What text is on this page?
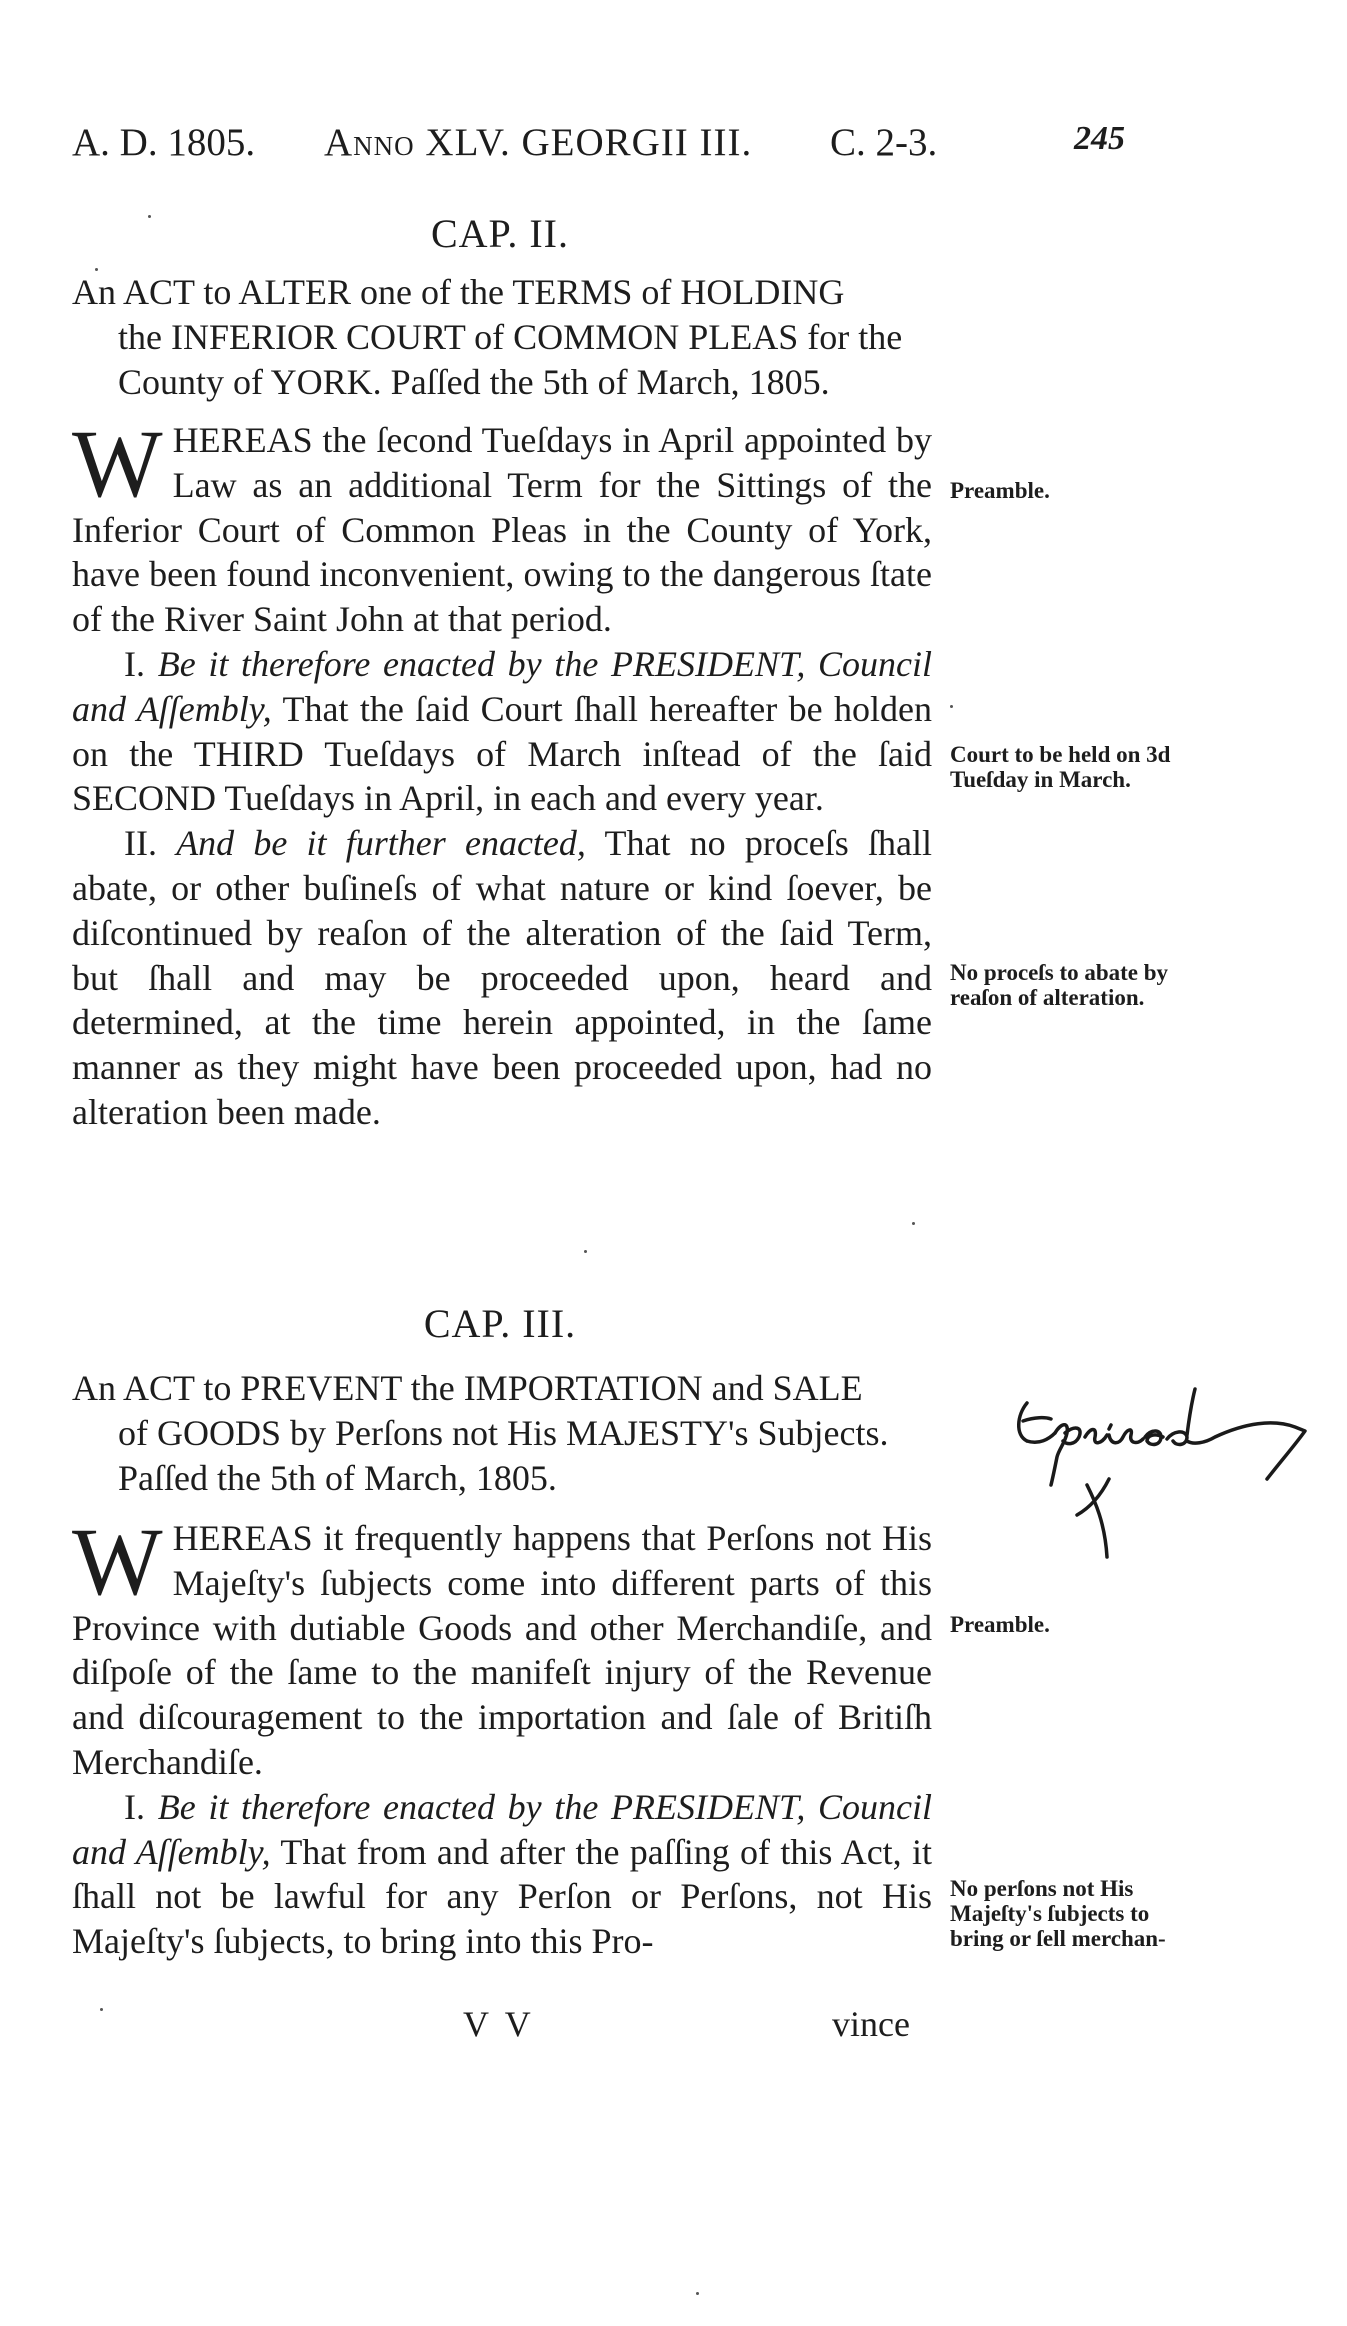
A. D. 1805. Anno XLV. GEORGII III. C. 2-3.	245
CAP. II.
An ACT to ALTER one of the TERMS of HOLDING
the INFERIOR COURT of COMMON PLEAS for the
County of YORK. Paſſed the 5th of March, 1805.

WHEREAS the ſecond Tueſdays in April appointed by Law as an additional Term for the Sittings of the Inferior Court of Common Pleas in the County of York, have been found inconvenient, owing to the dangerous ſtate of the River Saint John at that period.

I. Be it therefore enacted by the PRESIDENT, Council and Aſſembly, That the ſaid Court ſhall hereafter be holden on the THIRD Tueſdays of March inſtead of the ſaid SECOND Tueſdays in April, in each and every year.

II. And be it further enacted, That no proceſs ſhall abate, or other buſineſs of what nature or kind ſoever, be diſcontinued by reaſon of the alteration of the ſaid Term, but ſhall and may be proceeded upon, heard and determined, at the time herein appointed, in the ſame manner as they might have been proceeded upon, had no alteration been made.

Preamble.
Court to be held on 3d Tueſday in March.
No proceſs to abate by reaſon of alteration.
CAP. III.
An ACT to PREVENT the IMPORTATION and SALE
of GOODS by Perſons not His MAJESTY's Subjects.
Paſſed the 5th of March, 1805.

WHEREAS it frequently happens that Perſons not His Majeſty's ſubjects come into different parts of this Province with dutiable Goods and other Merchandiſe, and diſpoſe of the ſame to the manifeſt injury of the Revenue and diſcouragement to the importation and ſale of Britiſh Merchandiſe.

I. Be it therefore enacted by the PRESIDENT, Council and Aſſembly, That from and after the paſſing of this Act, it ſhall not be lawful for any Perſon or Perſons, not His Majeſty's ſubjects, to bring into this Pro-

Preamble.
No perſons not His Majeſty's ſubjects to bring or ſell merchan-
V V	vince
